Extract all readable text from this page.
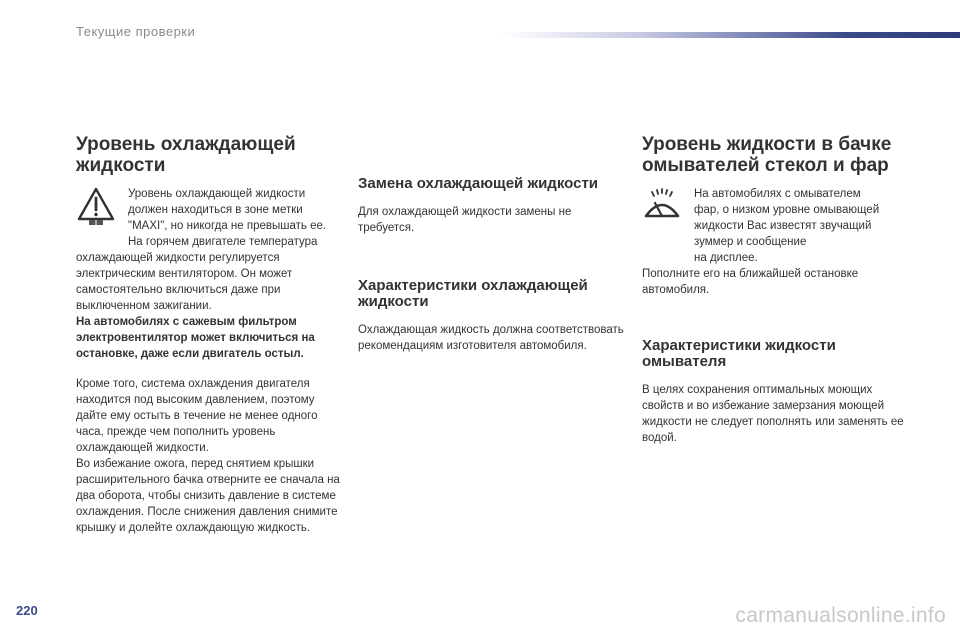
Текущие проверки
Уровень охлаждающей
жидкости

Уровень охлаждающей жидкости

должен находиться в зоне метки

"MAXI", но никогда не превышать ее.

На горячем двигателе температура

охлаждающей жидкости регулируется электрическим вентилятором. Он может самостоятельно включиться даже при выключенном зажигании.

На автомобилях с сажевым фильтром электровентилятор может включиться на остановке, даже если двигатель остыл.

Кроме того, система охлаждения двигателя находится под высоким давлением, поэтому дайте ему остыть в течение не менее одного часа, прежде чем пополнить уровень охлаждающей жидкости.

Во избежание ожога, перед снятием крышки расширительного бачка отверните ее сначала на два оборота, чтобы снизить давление в системе охлаждения. После снижения давления снимите крышку и долейте охлаждающую жидкость.

Замена охлаждающей жидкости

Для охлаждающей жидкости замены не требуется.

Характеристики охлаждающей жидкости

Охлаждающая жидкость должна соответствовать рекомендациям изготовителя автомобиля.

Уровень жидкости в бачке
омывателей стекол и фар

На автомобилях с омывателем

фар, о низком уровне омывающей

жидкости Вас известят звучащий

зуммер и сообщение

на дисплее.

Пополните его на ближайшей остановке автомобиля.

Характеристики жидкости омывателя

В целях сохранения оптимальных моющих свойств и во избежание замерзания моющей жидкости не следует пополнять или заменять ее водой.

220	carmanualsonline.info
